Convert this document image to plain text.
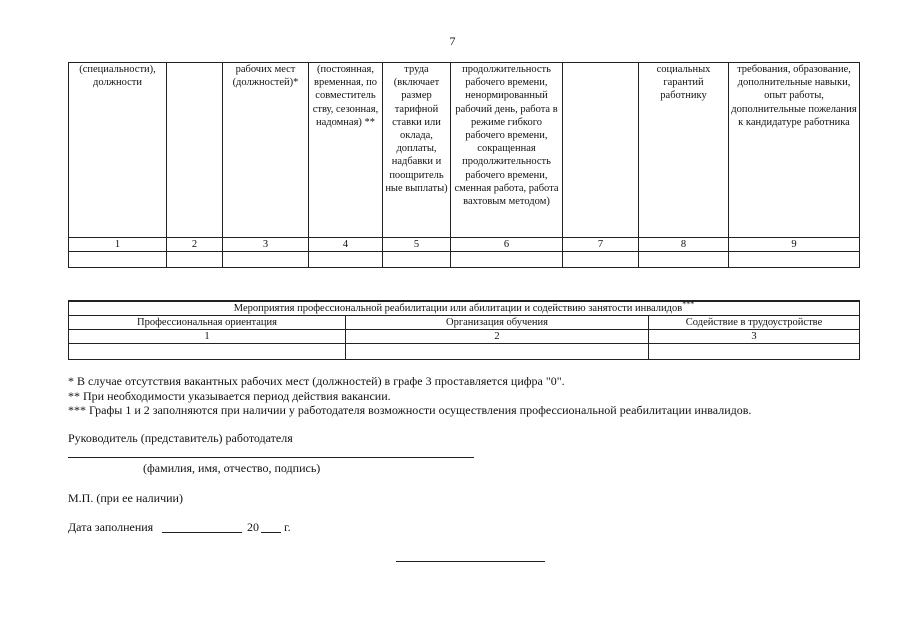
7
(специальности), должности		рабочих мест (должностей)*	(постоянная, временная, по совместитель ству, сезонная, надомная) **	труда (включает размер тарифной ставки или оклада, доплаты, надбавки и поощритель ные выплаты)	продолжительность рабочего времени, ненормированный рабочий день, работа в режиме гибкого рабочего времени, сокращенная продолжительность рабочего времени, сменная работа, работа вахтовым методом)		социальных гарантий работнику	требования, образование, дополнительные навыки, опыт работы, дополнительные пожелания к кандидатуре работника
1	2	3	4	5	6	7	8	9

Мероприятия профессиональной реабилитации или абилитации и содействию занятости инвалидов***
Профессиональная ориентация	Организация обучения	Содействие в трудоустройстве
1	2	3

* В случае отсутствия вакантных рабочих мест (должностей) в графе 3 проставляется цифра "0".
** При необходимости указывается период действия вакансии.
*** Графы 1 и 2 заполняются при наличии у работодателя возможности осуществления профессиональной реабилитации инвалидов.
Руководитель (представитель) работодателя
(фамилия, имя, отчество, подпись)
М.П. (при ее наличии)
Дата заполнения	20 г.
